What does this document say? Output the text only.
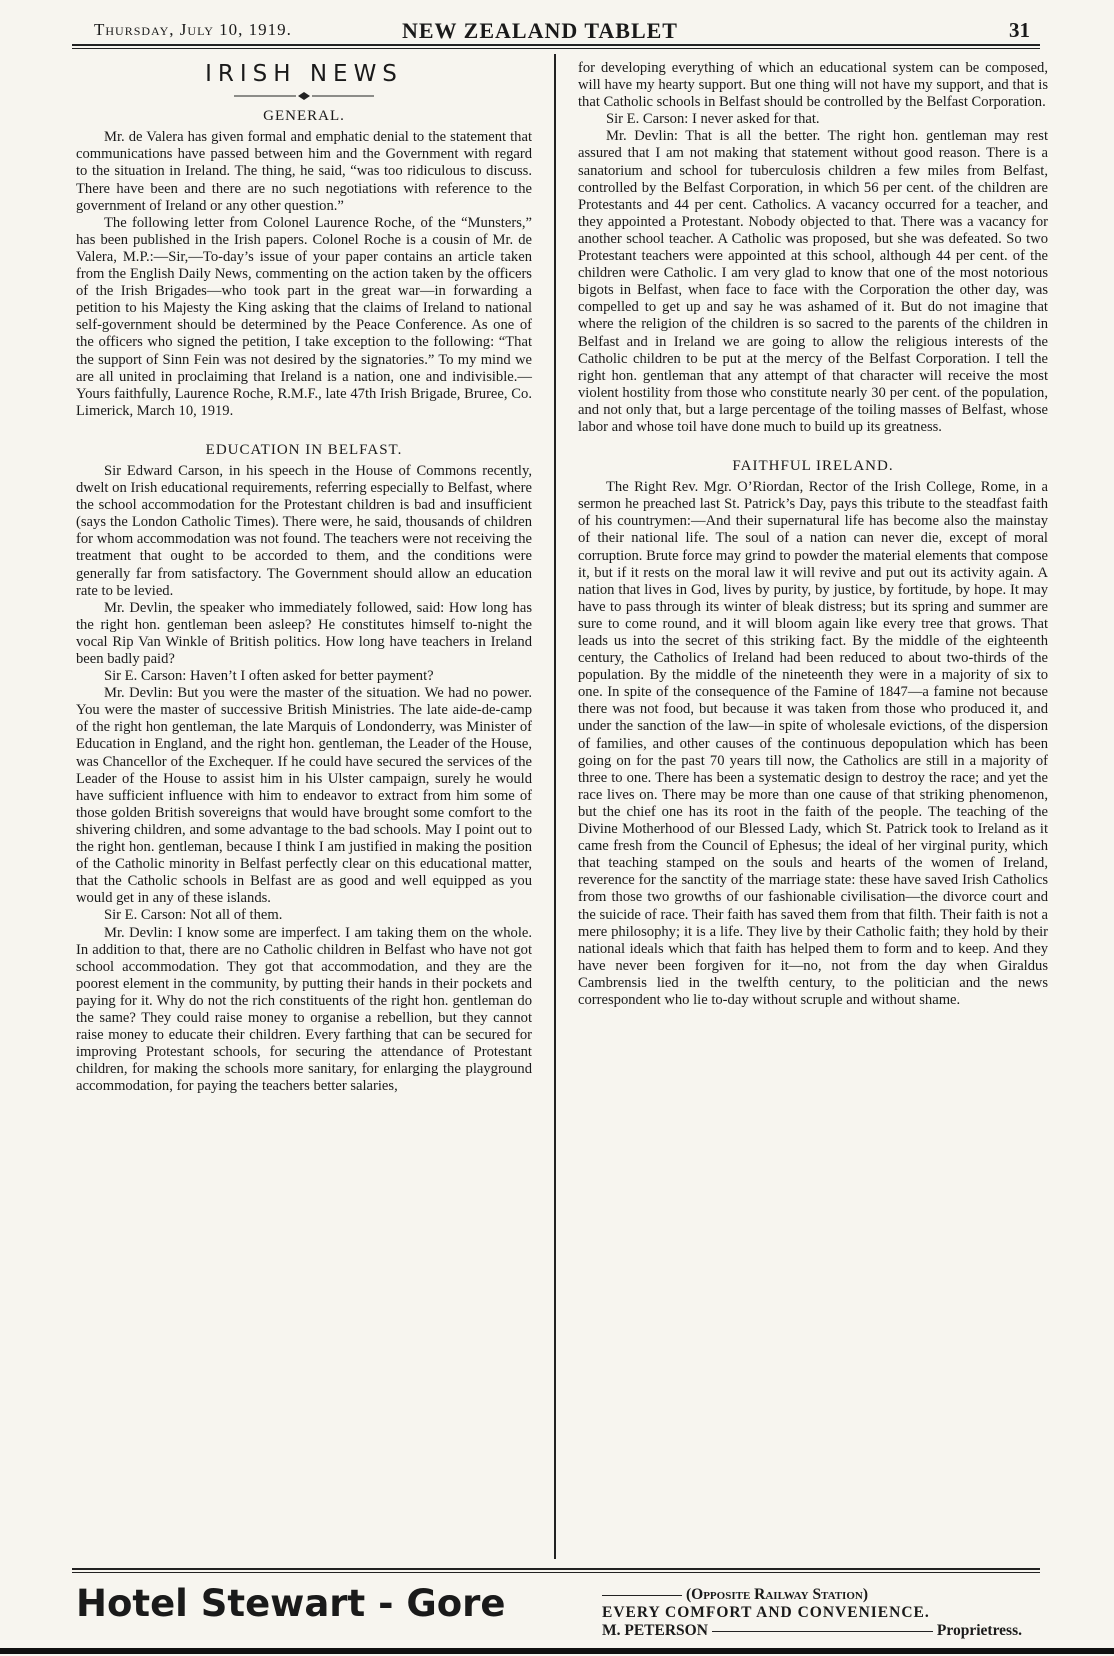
Thursday, July 10, 1919.	NEW ZEALAND TABLET	31
IRISH NEWS
GENERAL.

Mr. de Valera has given formal and emphatic denial to the statement that communications have passed between him and the Government with regard to the situation in Ireland. The thing, he said, “was too ridiculous to discuss. There have been and there are no such negotiations with reference to the government of Ireland or any other question.”

The following letter from Colonel Laurence Roche, of the “Munsters,” has been published in the Irish papers. Colonel Roche is a cousin of Mr. de Valera, M.P.:—Sir,—To-day’s issue of your paper contains an article taken from the English Daily News, commenting on the action taken by the officers of the Irish Brigades—who took part in the great war—in forwarding a petition to his Majesty the King asking that the claims of Ireland to national self-government should be determined by the Peace Conference. As one of the officers who signed the petition, I take exception to the following: “That the support of Sinn Fein was not desired by the signatories.” To my mind we are all united in proclaiming that Ireland is a nation, one and indivisible.—Yours faithfully, Laurence Roche, R.M.F., late 47th Irish Brigade, Bruree, Co. Limerick, March 10, 1919.

EDUCATION IN BELFAST.

Sir Edward Carson, in his speech in the House of Commons recently, dwelt on Irish educational requirements, referring especially to Belfast, where the school accommodation for the Protestant children is bad and insufficient (says the London Catholic Times). There were, he said, thousands of children for whom accommodation was not found. The teachers were not receiving the treatment that ought to be accorded to them, and the conditions were generally far from satisfactory. The Government should allow an education rate to be levied.

Mr. Devlin, the speaker who immediately followed, said: How long has the right hon. gentleman been asleep? He constitutes himself to-night the vocal Rip Van Winkle of British politics. How long have teachers in Ireland been badly paid?

Sir E. Carson: Haven’t I often asked for better payment?

Mr. Devlin: But you were the master of the situation. We had no power. You were the master of successive British Ministries. The late aide-de-camp of the right hon gentleman, the late Marquis of Londonderry, was Minister of Education in England, and the right hon. gentleman, the Leader of the House, was Chancellor of the Exchequer. If he could have secured the services of the Leader of the House to assist him in his Ulster campaign, surely he would have sufficient influence with him to endeavor to extract from him some of those golden British sovereigns that would have brought some comfort to the shivering children, and some advantage to the bad schools. May I point out to the right hon. gentleman, because I think I am justified in making the position of the Catholic minority in Belfast perfectly clear on this educational matter, that the Catholic schools in Belfast are as good and well equipped as you would get in any of these islands.

Sir E. Carson: Not all of them.

Mr. Devlin: I know some are imperfect. I am taking them on the whole. In addition to that, there are no Catholic children in Belfast who have not got school accommodation. They got that accommodation, and they are the poorest element in the community, by putting their hands in their pockets and paying for it. Why do not the rich constituents of the right hon. gentleman do the same? They could raise money to organise a rebellion, but they cannot raise money to educate their children. Every farthing that can be secured for improving Protestant schools, for securing the attendance of Protestant children, for making the schools more sanitary, for enlarging the playground accommodation, for paying the teachers better salaries,

for developing everything of which an educational system can be composed, will have my hearty support. But one thing will not have my support, and that is that Catholic schools in Belfast should be controlled by the Belfast Corporation.

Sir E. Carson: I never asked for that.

Mr. Devlin: That is all the better. The right hon. gentleman may rest assured that I am not making that statement without good reason. There is a sanatorium and school for tuberculosis children a few miles from Belfast, controlled by the Belfast Corporation, in which 56 per cent. of the children are Protestants and 44 per cent. Catholics. A vacancy occurred for a teacher, and they appointed a Protestant. Nobody objected to that. There was a vacancy for another school teacher. A Catholic was proposed, but she was defeated. So two Protestant teachers were appointed at this school, although 44 per cent. of the children were Catholic. I am very glad to know that one of the most notorious bigots in Belfast, when face to face with the Corporation the other day, was compelled to get up and say he was ashamed of it. But do not imagine that where the religion of the children is so sacred to the parents of the children in Belfast and in Ireland we are going to allow the religious interests of the Catholic children to be put at the mercy of the Belfast Corporation. I tell the right hon. gentleman that any attempt of that character will receive the most violent hostility from those who constitute nearly 30 per cent. of the population, and not only that, but a large percentage of the toiling masses of Belfast, whose labor and whose toil have done much to build up its greatness.

FAITHFUL IRELAND.

The Right Rev. Mgr. O’Riordan, Rector of the Irish College, Rome, in a sermon he preached last St. Patrick’s Day, pays this tribute to the steadfast faith of his countrymen:—And their supernatural life has become also the mainstay of their national life. The soul of a nation can never die, except of moral corruption. Brute force may grind to powder the material elements that compose it, but if it rests on the moral law it will revive and put out its activity again. A nation that lives in God, lives by purity, by justice, by fortitude, by hope. It may have to pass through its winter of bleak distress; but its spring and summer are sure to come round, and it will bloom again like every tree that grows. That leads us into the secret of this striking fact. By the middle of the eighteenth century, the Catholics of Ireland had been reduced to about two-thirds of the population. By the middle of the nineteenth they were in a majority of six to one. In spite of the consequence of the Famine of 1847—a famine not because there was not food, but because it was taken from those who produced it, and under the sanction of the law—in spite of wholesale evictions, of the dispersion of families, and other causes of the continuous depopulation which has been going on for the past 70 years till now, the Catholics are still in a majority of three to one. There has been a systematic design to destroy the race; and yet the race lives on. There may be more than one cause of that striking phenomenon, but the chief one has its root in the faith of the people. The teaching of the Divine Motherhood of our Blessed Lady, which St. Patrick took to Ireland as it came fresh from the Council of Ephesus; the ideal of her virginal purity, which that teaching stamped on the souls and hearts of the women of Ireland, reverence for the sanctity of the marriage state: these have saved Irish Catholics from those two growths of our fashionable civilisation—the divorce court and the suicide of race. Their faith has saved them from that filth. Their faith is not a mere philosophy; it is a life. They live by their Catholic faith; they hold by their national ideals which that faith has helped them to form and to keep. And they have never been forgiven for it—no, not from the day when Giraldus Cambrensis lied in the twelfth century, to the politician and the news correspondent who lie to-day without scruple and without shame.

Hotel Stewart - Gore	(Opposite Railway Station)
EVERY COMFORT AND CONVENIENCE.
M. PETERSON	Proprietress.
